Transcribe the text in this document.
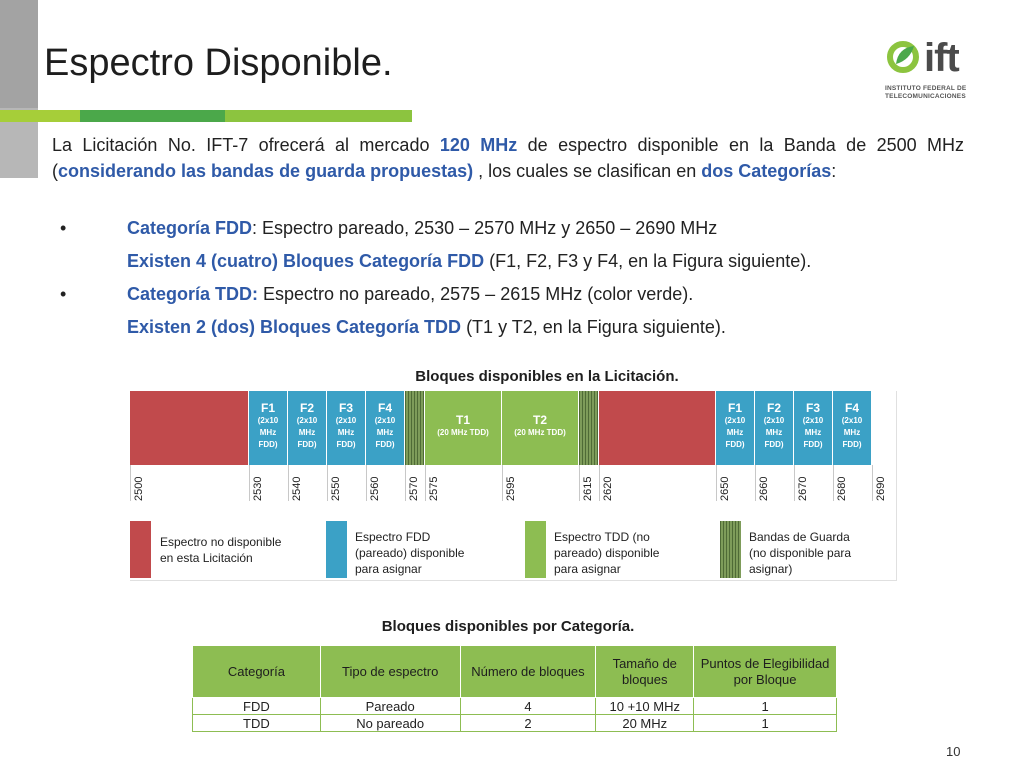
Espectro Disponible.	ift
INSTITUTO FEDERAL DE
TELECOMUNICACIONES
La Licitación No. IFT-7 ofrecerá al mercado 120 MHz de espectro disponible en la Banda de 2500 MHz (considerando las bandas de guarda propuestas) , los cuales se clasifican en dos Categorías:
•	Categoría FDD: Espectro pareado, 2530 – 2570 MHz y 2650 – 2690 MHz
Existen 4 (cuatro) Bloques Categoría FDD (F1, F2, F3 y F4, en la Figura siguiente).
•	Categoría TDD: Espectro no pareado, 2575 – 2615 MHz (color verde).
Existen 2 (dos) Bloques Categoría TDD (T1 y T2, en la Figura siguiente).
Bloques disponibles en la Licitación.
F1
(2x10
MHz
FDD)
F2
(2x10
MHz
FDD)
F3
(2x10
MHz
FDD)
F4
(2x10
MHz
FDD)
T1
(20 MHz TDD)
T2
(20 MHz TDD)
F1
(2x10
MHz
FDD)
F2
(2x10
MHz
FDD)
F3
(2x10
MHz
FDD)
F4
(2x10
MHz
FDD)
2500	2530 2540 2550 2560 2570 2575	2595	2615 2620	2650 2660 2670 2680 2690
Espectro no disponible
en esta Licitación
Espectro FDD
(pareado) disponible
para asignar
Espectro TDD (no
pareado) disponible
para asignar
Bandas de Guarda
(no disponible para
asignar)
Bloques disponibles por Categoría.
Categoría	Tipo de espectro	Número de bloques	Tamaño de bloques	Puntos de Elegibilidad por Bloque
FDD	Pareado	4	10 +10 MHz	1
TDD	No pareado	2	20 MHz	1
10
